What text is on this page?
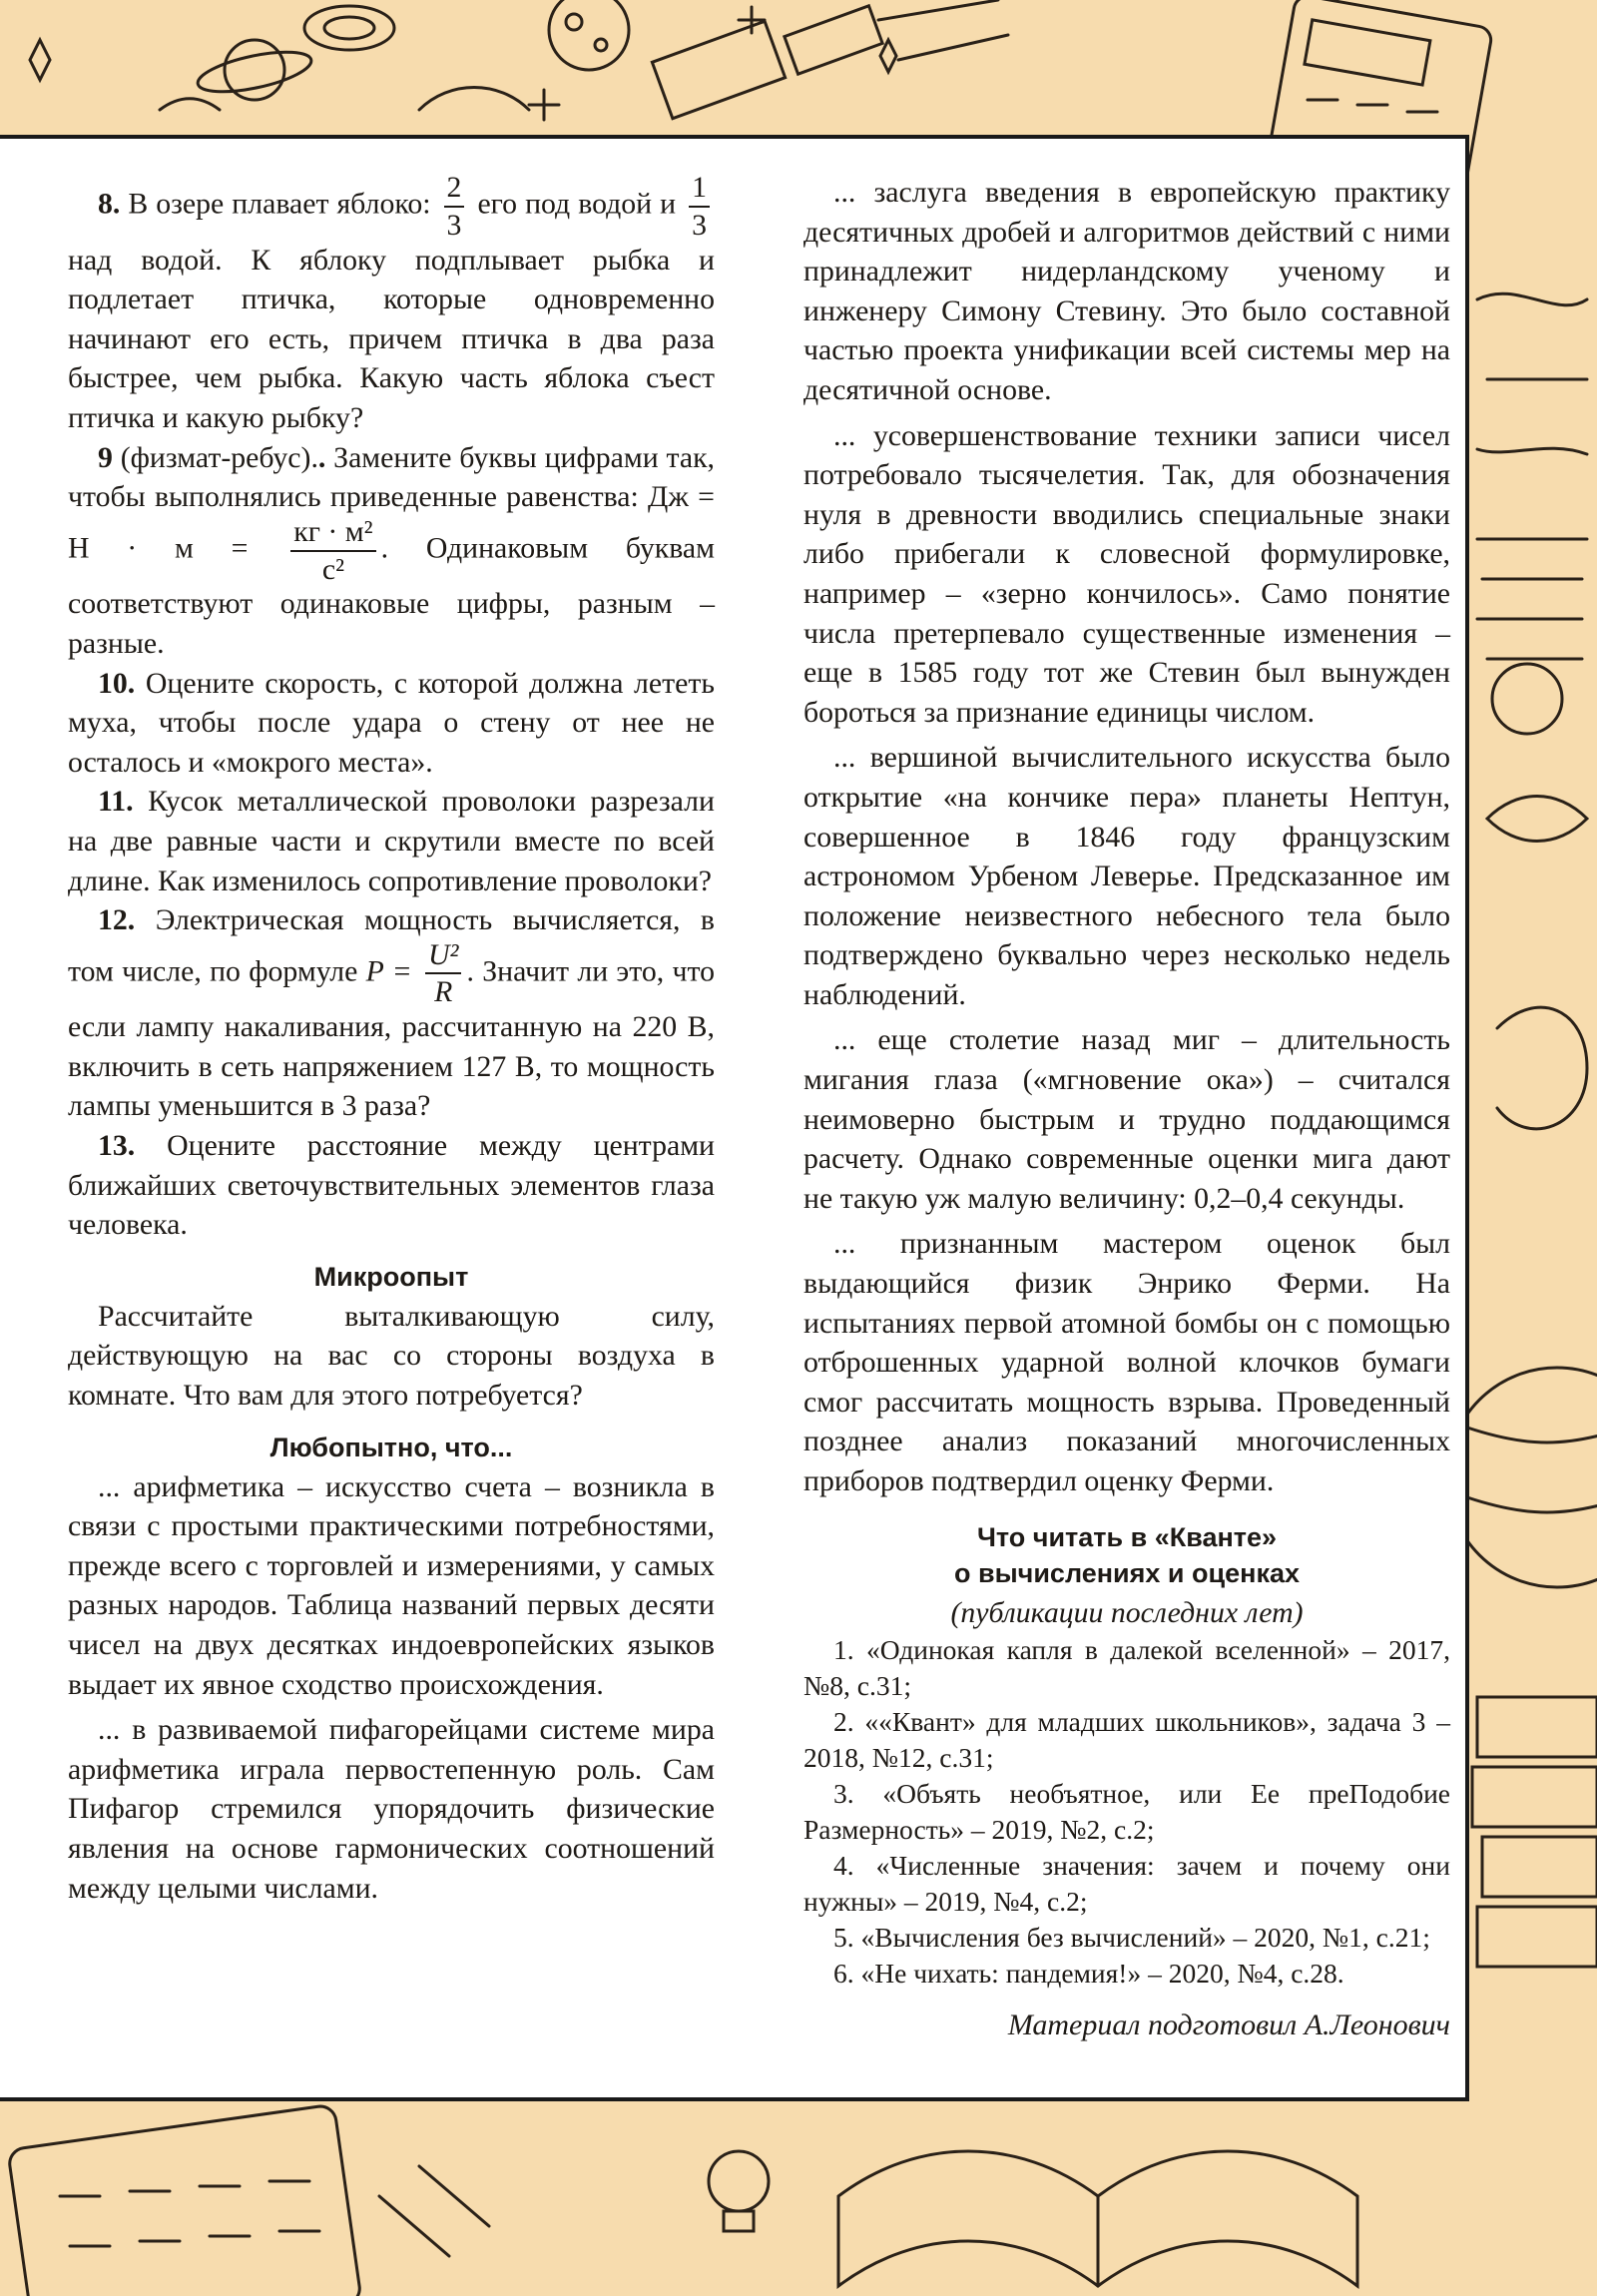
8. В озере плавает яблоко: $\frac{2}{3}$ его под водой и $\frac{1}{3}$
над водой. К яблоку подплывает рыбка и подлетает птичка, которые одновременно начинают его есть, причем птичка в два раза быстрее, чем рыбка. Какую часть яблока съест птичка и какую рыбку?

9 (физмат-ребус).. Замените буквы цифрами так, чтобы выполнялись приведенные равенства: Дж = $Н \cdot м = \frac{\text{кг · м²}}{\text{с²}}$ . Одинаковым буквам соответствуют одинаковые цифры, разным – разные.

10. Оцените скорость, с которой должна лететь муха, чтобы после удара о стену от нее не осталось и «мокрого места».

11. Кусок металлической проволоки разрезали на две равные части и скрутили вместе по всей длине. Как изменилось сопротивление проволоки?

12. Электрическая мощность вычисляется, в том числе, по формуле $P = \frac{\text{U²}}{R}$ . Значит ли это, что если лампу накаливания, рассчитанную на 220 В, включить в сеть напряжением 127 В, то мощность лампы уменьшится в 3 раза?

13. Оцените расстояние между центрами ближайших светочувствительных элементов глаза человека.

Микроопыт

Рассчитайте выталкивающую силу, действующую на вас со стороны воздуха в комнате. Что вам для этого потребуется?

Любопытно, что...

... арифметика – искусство счета – возникла в связи с простыми практическими потребностями, прежде всего с торговлей и измерениями, у самых разных народов. Таблица названий первых десяти чисел на двух десятках индоевропейских языков выдает их явное сходство происхождения.

... в развиваемой пифагорейцами системе мира арифметика играла первостепенную роль. Сам Пифагор стремился упорядочить физические явления на основе гармонических соотношений между целыми числами.

... заслуга введения в европейскую практику десятичных дробей и алгоритмов действий с ними принадлежит нидерландскому ученому и инженеру Симону Стевину. Это было составной частью проекта унификации всей системы мер на десятичной основе.

... усовершенствование техники записи чисел потребовало тысячелетия. Так, для обозначения нуля в древности вводились специальные знаки либо прибегали к словесной формулировке, например – «зерно кончилось». Само понятие числа претерпевало существенные изменения – еще в 1585 году тот же Стевин был вынужден бороться за признание единицы числом.

... вершиной вычислительного искусства было открытие «на кончике пера» планеты Нептун, совершенное в 1846 году французским астрономом Урбеном Леверье. Предсказанное им положение неизвестного небесного тела было подтверждено буквально через несколько недель наблюдений.

... еще столетие назад миг – длительность мигания глаза («мгновение ока») – считался неимоверно быстрым и трудно поддающимся расчету. Однако современные оценки мига дают не такую уж малую величину: 0,2–0,4 секунды.

... признанным мастером оценок был выдающийся физик Энрико Ферми. На испытаниях первой атомной бомбы он с помощью отброшенных ударной волной клочков бумаги смог рассчитать мощность взрыва. Проведенный позднее анализ показаний многочисленных приборов подтвердил оценку Ферми.

Что читать в «Кванте»
о вычислениях и оценках

(публикации последних лет)

1. «Одинокая капля в далекой вселенной» – 2017, №8, с.31;

2. ««Квант» для младших школьников», задача 3 – 2018, №12, с.31;

3. «Объять необъятное, или Ее преПодобие Размерность» – 2019, №2, с.2;

4. «Численные значения: зачем и почему они нужны» – 2019, №4, с.2;

5. «Вычисления без вычислений» – 2020, №1, с.21;

6. «Не чихать: пандемия!» – 2020, №4, с.28.

Материал подготовил А.Леонович
